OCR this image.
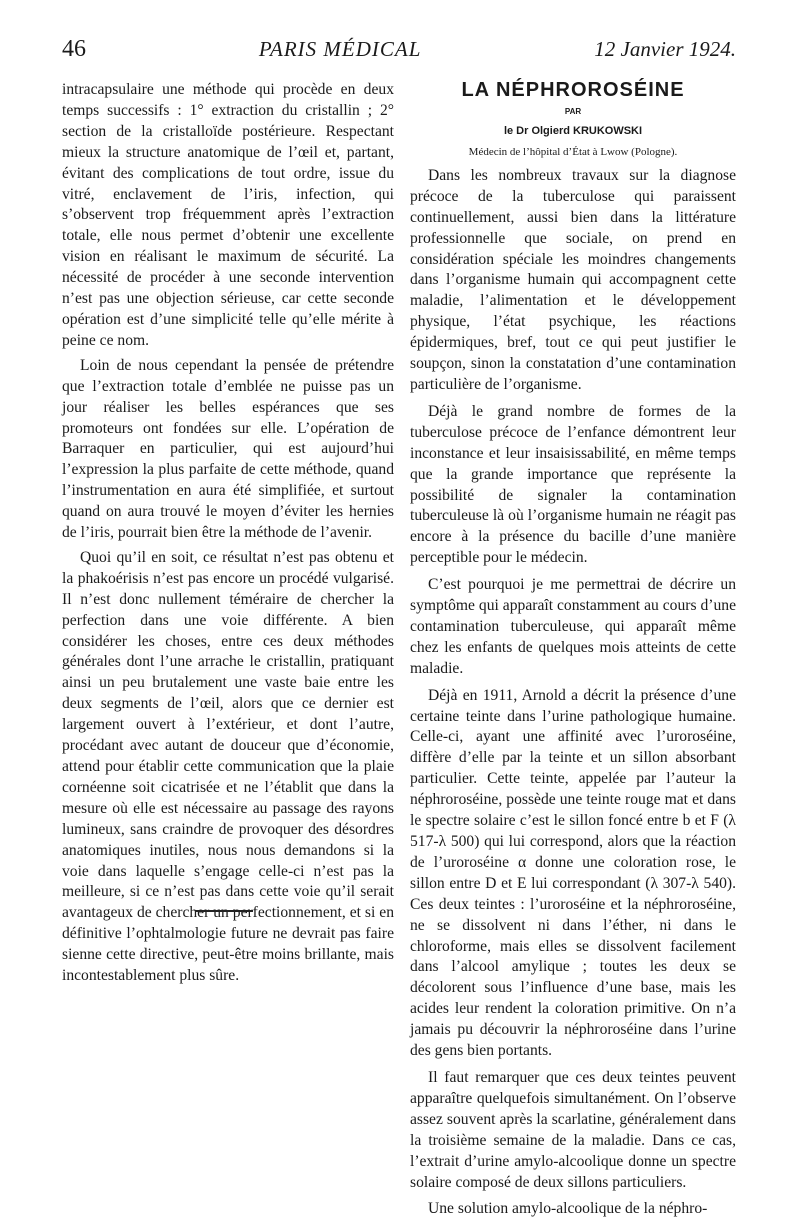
46	PARIS MÉDICAL	12 Janvier 1924.

intracapsulaire une méthode qui procède en deux temps successifs : 1° extraction du cristallin ; 2° section de la cristalloïde postérieure. Respectant mieux la structure anatomique de l’œil et, partant, évitant des complications de tout ordre, issue du vitré, enclavement de l’iris, infection, qui s’observent trop fréquemment après l’extraction totale, elle nous permet d’obtenir une excellente vision en réalisant le maximum de sécurité. La nécessité de procéder à une seconde intervention n’est pas une objection sérieuse, car cette seconde opération est d’une simplicité telle qu’elle mérite à peine ce nom.

Loin de nous cependant la pensée de prétendre que l’extraction totale d’emblée ne puisse pas un jour réaliser les belles espérances que ses promoteurs ont fondées sur elle. L’opération de Barraquer en particulier, qui est aujourd’hui l’expression la plus parfaite de cette méthode, quand l’instrumentation en aura été simplifiée, et surtout quand on aura trouvé le moyen d’éviter les hernies de l’iris, pourrait bien être la méthode de l’avenir.

Quoi qu’il en soit, ce résultat n’est pas obtenu et la phakoérisis n’est pas encore un procédé vulgarisé. Il n’est donc nullement téméraire de chercher la perfection dans une voie différente. A bien considérer les choses, entre ces deux méthodes générales dont l’une arrache le cristallin, pratiquant ainsi un peu brutalement une vaste baie entre les deux segments de l’œil, alors que ce dernier est largement ouvert à l’extérieur, et dont l’autre, procédant avec autant de douceur que d’économie, attend pour établir cette communication que la plaie cornéenne soit cicatrisée et ne l’établit que dans la mesure où elle est nécessaire au passage des rayons lumineux, sans craindre de provoquer des désordres anatomiques inutiles, nous nous demandons si la voie dans laquelle s’engage celle-ci n’est pas la meilleure, si ce n’est pas dans cette voie qu’il serait avantageux de chercher un perfectionnement, et si en définitive l’ophtalmologie future ne devrait pas faire sienne cette directive, peut-être moins brillante, mais incontestablement plus sûre.

LA NÉPHROROSÉINE

PAR

le Dr Olgierd KRUKOWSKI

Médecin de l’hôpital d’État à Lwow (Pologne).

Dans les nombreux travaux sur la diagnose précoce de la tuberculose qui paraissent continuellement, aussi bien dans la littérature professionnelle que sociale, on prend en considération spéciale les moindres changements dans l’organisme humain qui accompagnent cette maladie, l’alimentation et le développement physique, l’état psychique, les réactions épidermiques, bref, tout ce qui peut justifier le soupçon, sinon la constatation d’une contamination particulière de l’organisme.

Déjà le grand nombre de formes de la tuberculose précoce de l’enfance démontrent leur inconstance et leur insaisissabilité, en même temps que la grande importance que représente la possibilité de signaler la contamination tuberculeuse là où l’organisme humain ne réagit pas encore à la présence du bacille d’une manière perceptible pour le médecin.

C’est pourquoi je me permettrai de décrire un symptôme qui apparaît constamment au cours d’une contamination tuberculeuse, qui apparaît même chez les enfants de quelques mois atteints de cette maladie.

Déjà en 1911, Arnold a décrit la présence d’une certaine teinte dans l’urine pathologique humaine. Celle-ci, ayant une affinité avec l’uroroséine, diffère d’elle par la teinte et un sillon absorbant particulier. Cette teinte, appelée par l’auteur la néphroroséine, possède une teinte rouge mat et dans le spectre solaire c’est le sillon foncé entre b et F (λ 517-λ 500) qui lui correspond, alors que la réaction de l’uroroséine α donne une coloration rose, le sillon entre D et E lui correspondant (λ 307-λ 540). Ces deux teintes : l’uroroséine et la néphroroséine, ne se dissolvent ni dans l’éther, ni dans le chloroforme, mais elles se dissolvent facilement dans l’alcool amylique ; toutes les deux se décolorent sous l’influence d’une base, mais les acides leur rendent la coloration primitive. On n’a jamais pu découvrir la néphroroséine dans l’urine des gens bien portants.

Il faut remarquer que ces deux teintes peuvent apparaître quelquefois simultanément. On l’observe assez souvent après la scarlatine, généralement dans la troisième semaine de la maladie. Dans ce cas, l’extrait d’urine amylo-alcoolique donne un spectre solaire composé de deux sillons particuliers.

Une solution amylo-alcoolique de la néphro-
